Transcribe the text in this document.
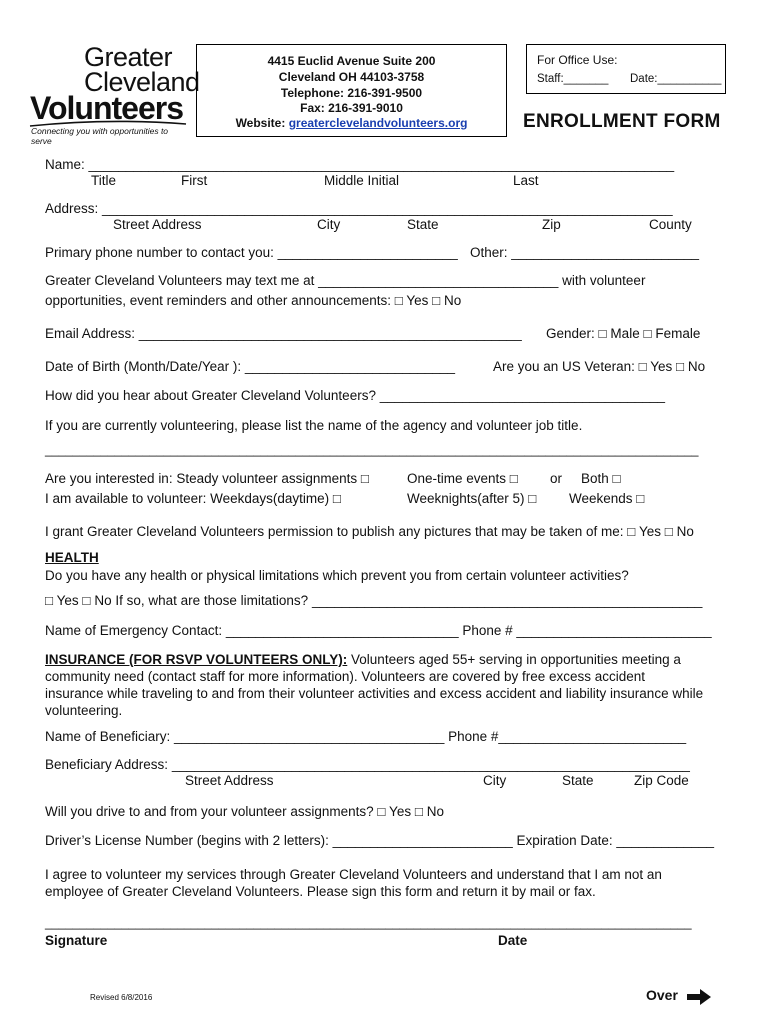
Greater
Cleveland
Volunteers
Connecting you with opportunities to serve
4415 Euclid Avenue Suite 200
Cleveland OH 44103-3758
Telephone: 216-391-9500
Fax: 216-391-9010
Website: greaterclevelandvolunteers.org
For Office Use:
Staff:_______ Date:__________
ENROLLMENT FORM
Name: ______________________________________________________________________________
Title	First	Middle Initial	Last
Address: ____________________________________________________________________________
Street Address	City	State	Zip	County
Primary phone number to contact you: ________________________ Other: _________________________
Greater Cleveland Volunteers may text me at ________________________________ with volunteer
opportunities, event reminders and other announcements: □ Yes □ No
Email Address: ___________________________________________________ Gender: □ Male □ Female
Date of Birth (Month/Date/Year ): ____________________________	Are you an US Veteran: □ Yes □ No
How did you hear about Greater Cleveland Volunteers? ______________________________________
If you are currently volunteering, please list the name of the agency and volunteer job title.
______________________________________________________________________________________________
Are you interested in: Steady volunteer assignments □	One-time events □ or Both □
I am available to volunteer: Weekdays(daytime) □	Weeknights(after 5) □ Weekends □
I grant Greater Cleveland Volunteers permission to publish any pictures that may be taken of me: □ Yes □ No
HEALTH
Do you have any health or physical limitations which prevent you from certain volunteer activities?
□ Yes □ No If so, what are those limitations? ____________________________________________________
Name of Emergency Contact: _______________________________ Phone # __________________________
INSURANCE (FOR RSVP VOLUNTEERS ONLY): Volunteers aged 55+ serving in opportunities meeting a
community need (contact staff for more information). Volunteers are covered by free excess accident
insurance while traveling to and from their volunteer activities and excess accident and liability insurance while
volunteering.
Name of Beneficiary: ____________________________________ Phone #_________________________
Beneficiary Address: _____________________________________________________________________
Street Address	City	State	Zip Code
Will you drive to and from your volunteer assignments? □ Yes □ No
Driver’s License Number (begins with 2 letters): ________________________ Expiration Date: _____________
I agree to volunteer my services through Greater Cleveland Volunteers and understand that I am not an
employee of Greater Cleveland Volunteers. Please sign this form and return it by mail or fax.
_____________________________________________________________________________________________
Signature	Date
Revised 6/8/2016	Over
